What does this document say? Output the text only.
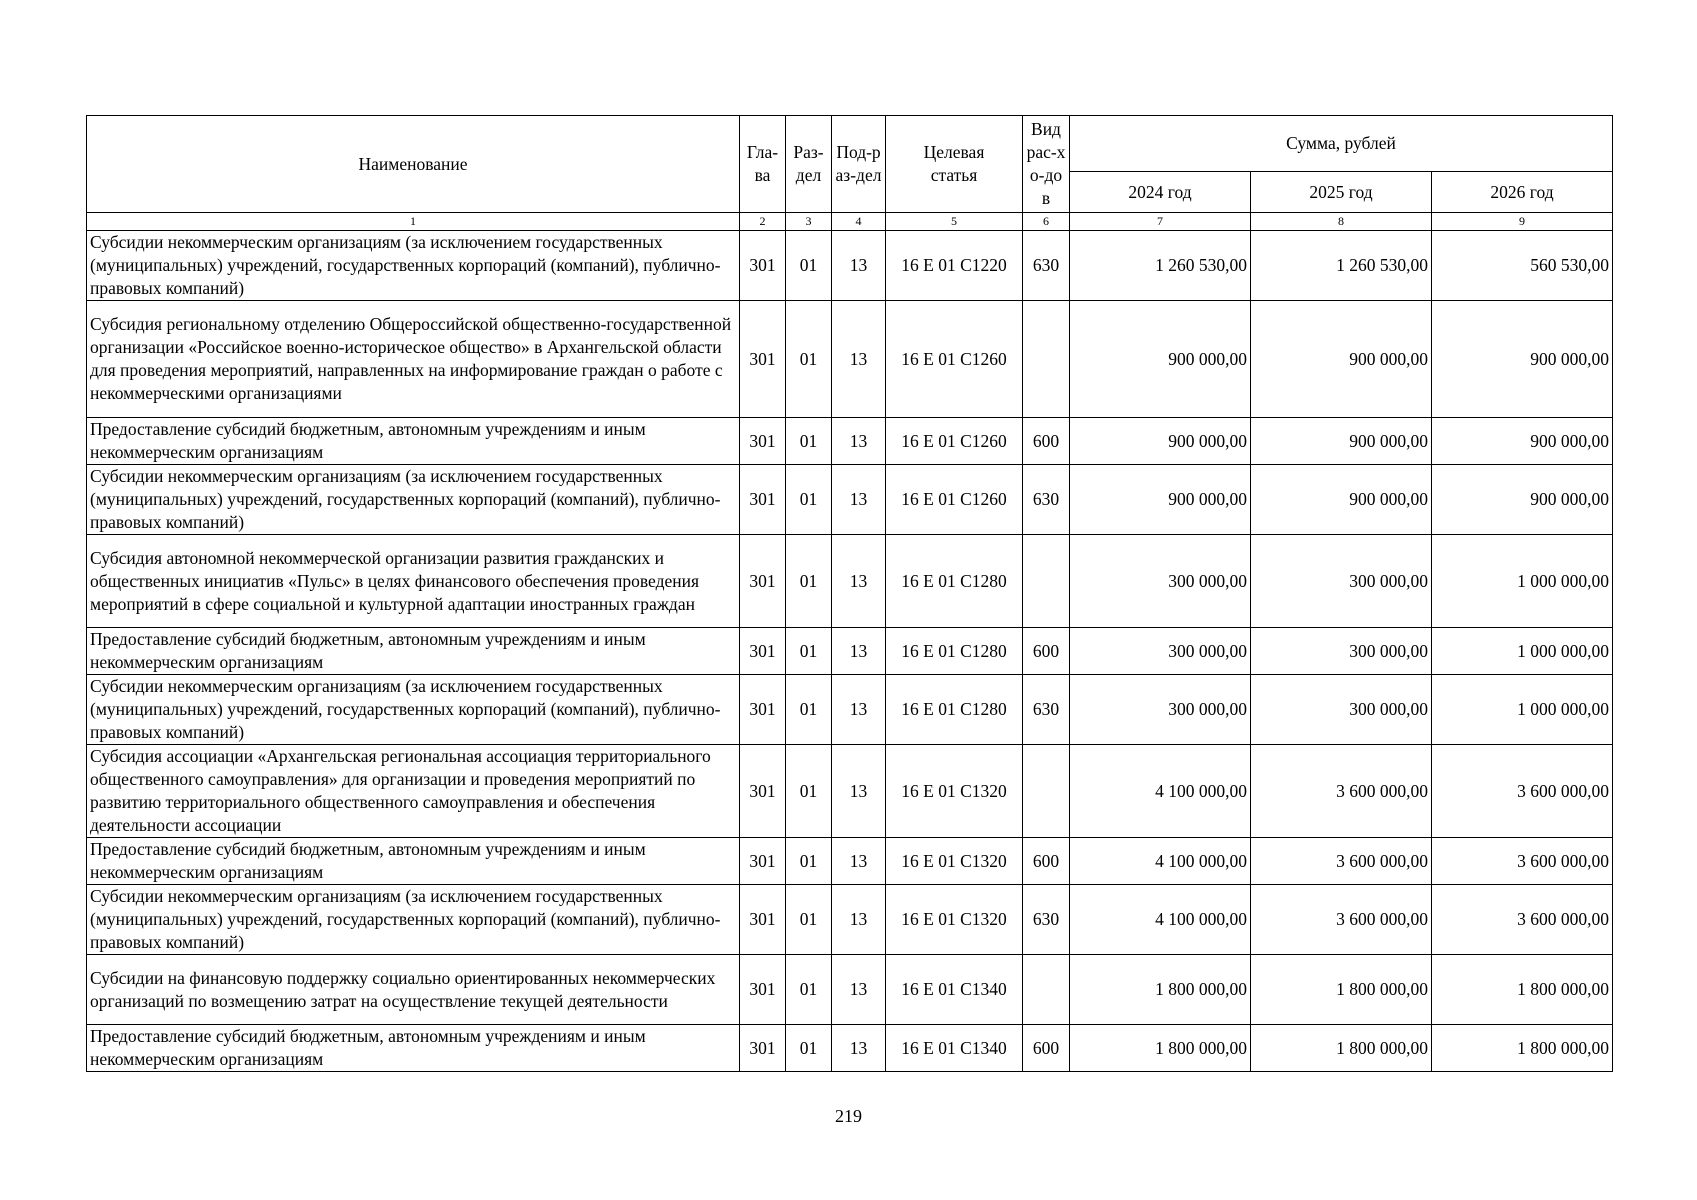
Наименование	Гла-ва	Раз-дел	Под-раз-дел	Целевая статья	Вид рас-хо-дов	Сумма, рублей		
						2024 год	2025 год	2026 год
1	2	3	4	5	6	7	8	9
Субсидии некоммерческим организациям (за исключением государственных (муниципальных) учреждений, государственных корпораций (компаний), публично-правовых компаний)	301	01	13	16 Е 01 С1220	630	1 260 530,00	1 260 530,00	560 530,00
Субсидия региональному отделению Общероссийской общественно-государственной организации «Российское военно-историческое общество» в Архангельской области для проведения мероприятий, направленных на информирование граждан о работе с некоммерческими организациями	301	01	13	16 Е 01 С1260		900 000,00	900 000,00	900 000,00
Предоставление субсидий бюджетным, автономным учреждениям и иным некоммерческим организациям	301	01	13	16 Е 01 С1260	600	900 000,00	900 000,00	900 000,00
Субсидии некоммерческим организациям (за исключением государственных (муниципальных) учреждений, государственных корпораций (компаний), публично-правовых компаний)	301	01	13	16 Е 01 С1260	630	900 000,00	900 000,00	900 000,00
Субсидия автономной некоммерческой организации развития гражданских и общественных инициатив «Пульс» в целях финансового обеспечения проведения мероприятий в сфере социальной и культурной адаптации иностранных граждан	301	01	13	16 Е 01 С1280		300 000,00	300 000,00	1 000 000,00
Предоставление субсидий бюджетным, автономным учреждениям и иным некоммерческим организациям	301	01	13	16 Е 01 С1280	600	300 000,00	300 000,00	1 000 000,00
Субсидии некоммерческим организациям (за исключением государственных (муниципальных) учреждений, государственных корпораций (компаний), публично-правовых компаний)	301	01	13	16 Е 01 С1280	630	300 000,00	300 000,00	1 000 000,00
Субсидия ассоциации «Архангельская региональная ассоциация территориального общественного самоуправления» для организации и проведения мероприятий по развитию территориального общественного самоуправления и обеспечения деятельности ассоциации	301	01	13	16 Е 01 С1320		4 100 000,00	3 600 000,00	3 600 000,00
Предоставление субсидий бюджетным, автономным учреждениям и иным некоммерческим организациям	301	01	13	16 Е 01 С1320	600	4 100 000,00	3 600 000,00	3 600 000,00
Субсидии некоммерческим организациям (за исключением государственных (муниципальных) учреждений, государственных корпораций (компаний), публично-правовых компаний)	301	01	13	16 Е 01 С1320	630	4 100 000,00	3 600 000,00	3 600 000,00
Субсидии на финансовую поддержку социально ориентированных некоммерческих организаций по возмещению затрат на осуществление текущей деятельности	301	01	13	16 Е 01 С1340		1 800 000,00	1 800 000,00	1 800 000,00
Предоставление субсидий бюджетным, автономным учреждениям и иным некоммерческим организациям	301	01	13	16 Е 01 С1340	600	1 800 000,00	1 800 000,00	1 800 000,00
219
